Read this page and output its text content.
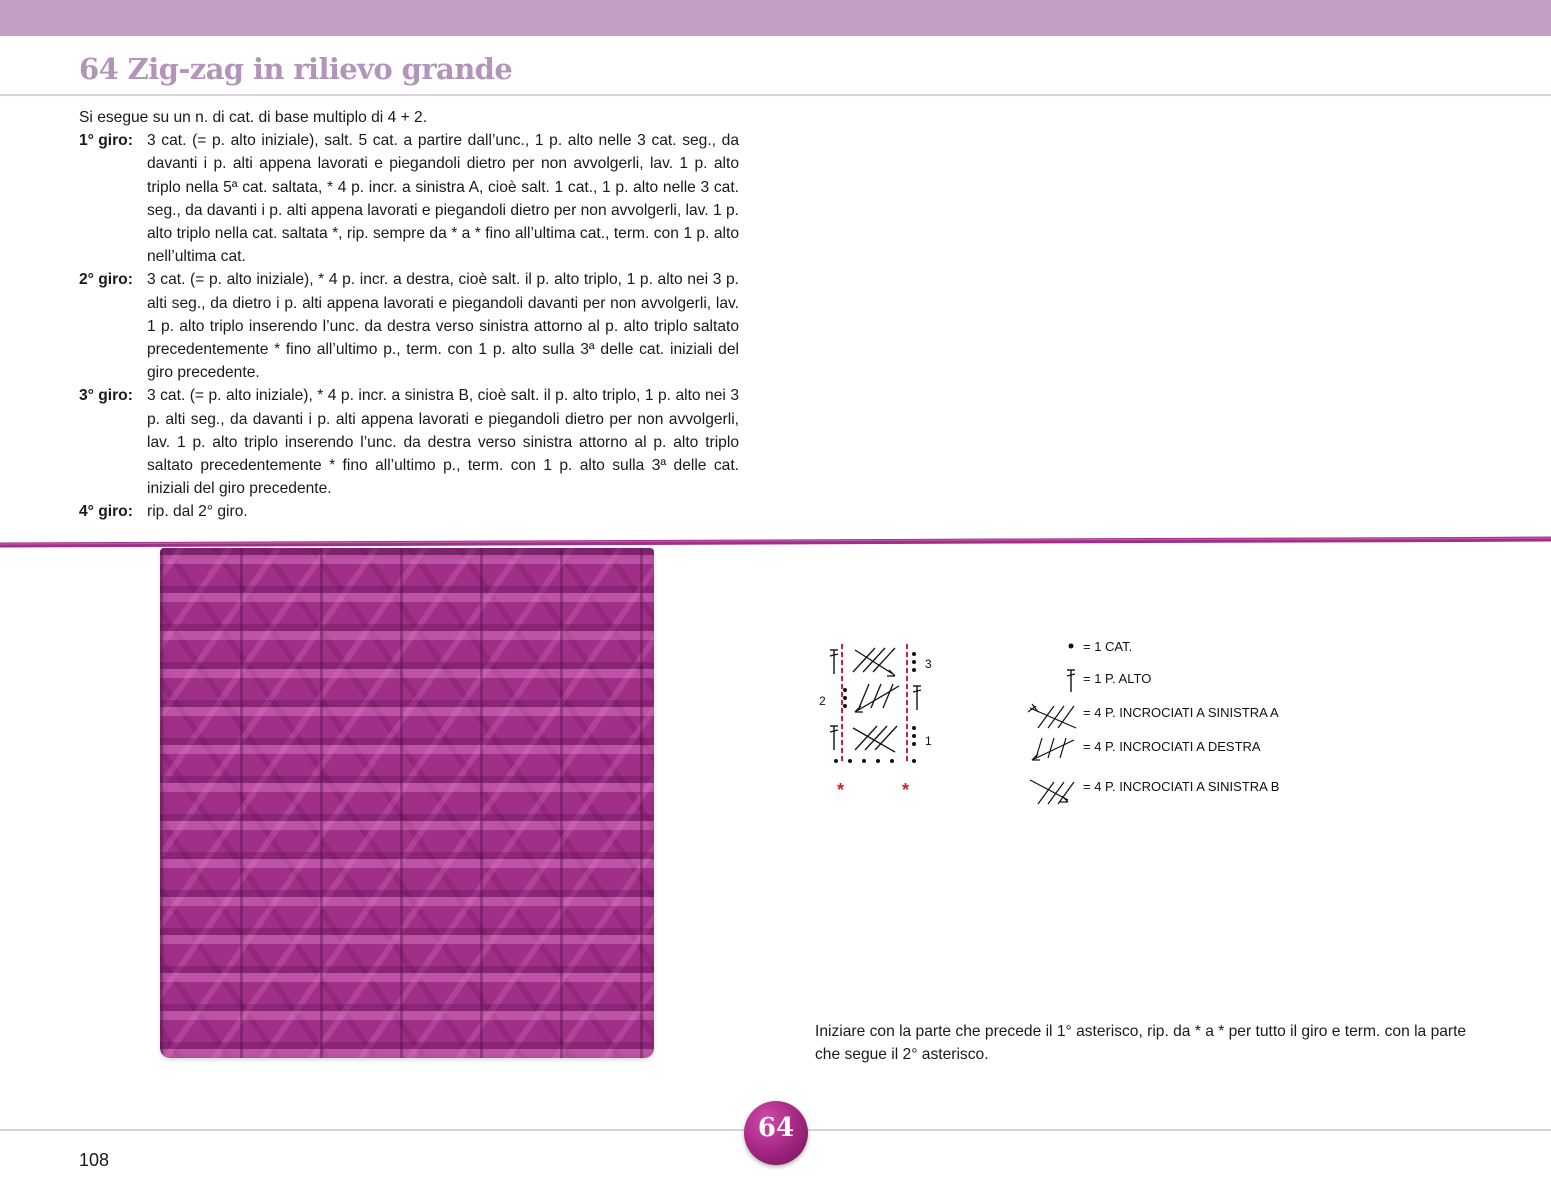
64 Zig-zag in rilievo grande

Si esegue su un n. di cat. di base multiplo di 4 + 2.

1° giro: 3 cat. (= p. alto iniziale), salt. 5 cat. a partire dall’unc., 1 p. alto nelle 3 cat. seg., da davanti i p. alti appena lavorati e piegandoli dietro per non avvolgerli, lav. 1 p. alto triplo nella 5ª cat. saltata, * 4 p. incr. a sinistra A, cioè salt. 1 cat., 1 p. alto nelle 3 cat. seg., da davanti i p. alti appena lavorati e piegandoli dietro per non avvolgerli, lav. 1 p. alto triplo nella cat. saltata *, rip. sempre da * a * fino all’ultima cat., term. con 1 p. alto nell’ultima cat.
2° giro: 3 cat. (= p. alto iniziale), * 4 p. incr. a destra, cioè salt. il p. alto triplo, 1 p. alto nei 3 p. alti seg., da dietro i p. alti appena lavorati e piegandoli davanti per non avvolgerli, lav. 1 p. alto triplo inserendo l’unc. da destra verso sinistra attorno al p. alto triplo saltato precedentemente * fino all’ultimo p., term. con 1 p. alto sulla 3ª delle cat. iniziali del giro precedente.
3° giro: 3 cat. (= p. alto iniziale), * 4 p. incr. a sinistra B, cioè salt. il p. alto triplo, 1 p. alto nei 3 p. alti seg., da davanti i p. alti appena lavorati e piegandoli dietro per non avvolgerli, lav. 1 p. alto triplo inserendo l’unc. da destra verso sinistra attorno al p. alto triplo saltato precedentemente * fino all’ultimo p., term. con 1 p. alto sulla 3ª delle cat. iniziali del giro precedente.
4° giro: rip. dal 2° giro.
3
2
1
*	*
= 1 CAT.
= 1 P. ALTO
= 4 P. INCROCIATI A SINISTRA A
= 4 P. INCROCIATI A DESTRA
= 4 P. INCROCIATI A SINISTRA B
Iniziare con la parte che precede il 1° asterisco, rip. da * a * per tutto il giro e term. con la parte che segue il 2° asterisco.
108
64
